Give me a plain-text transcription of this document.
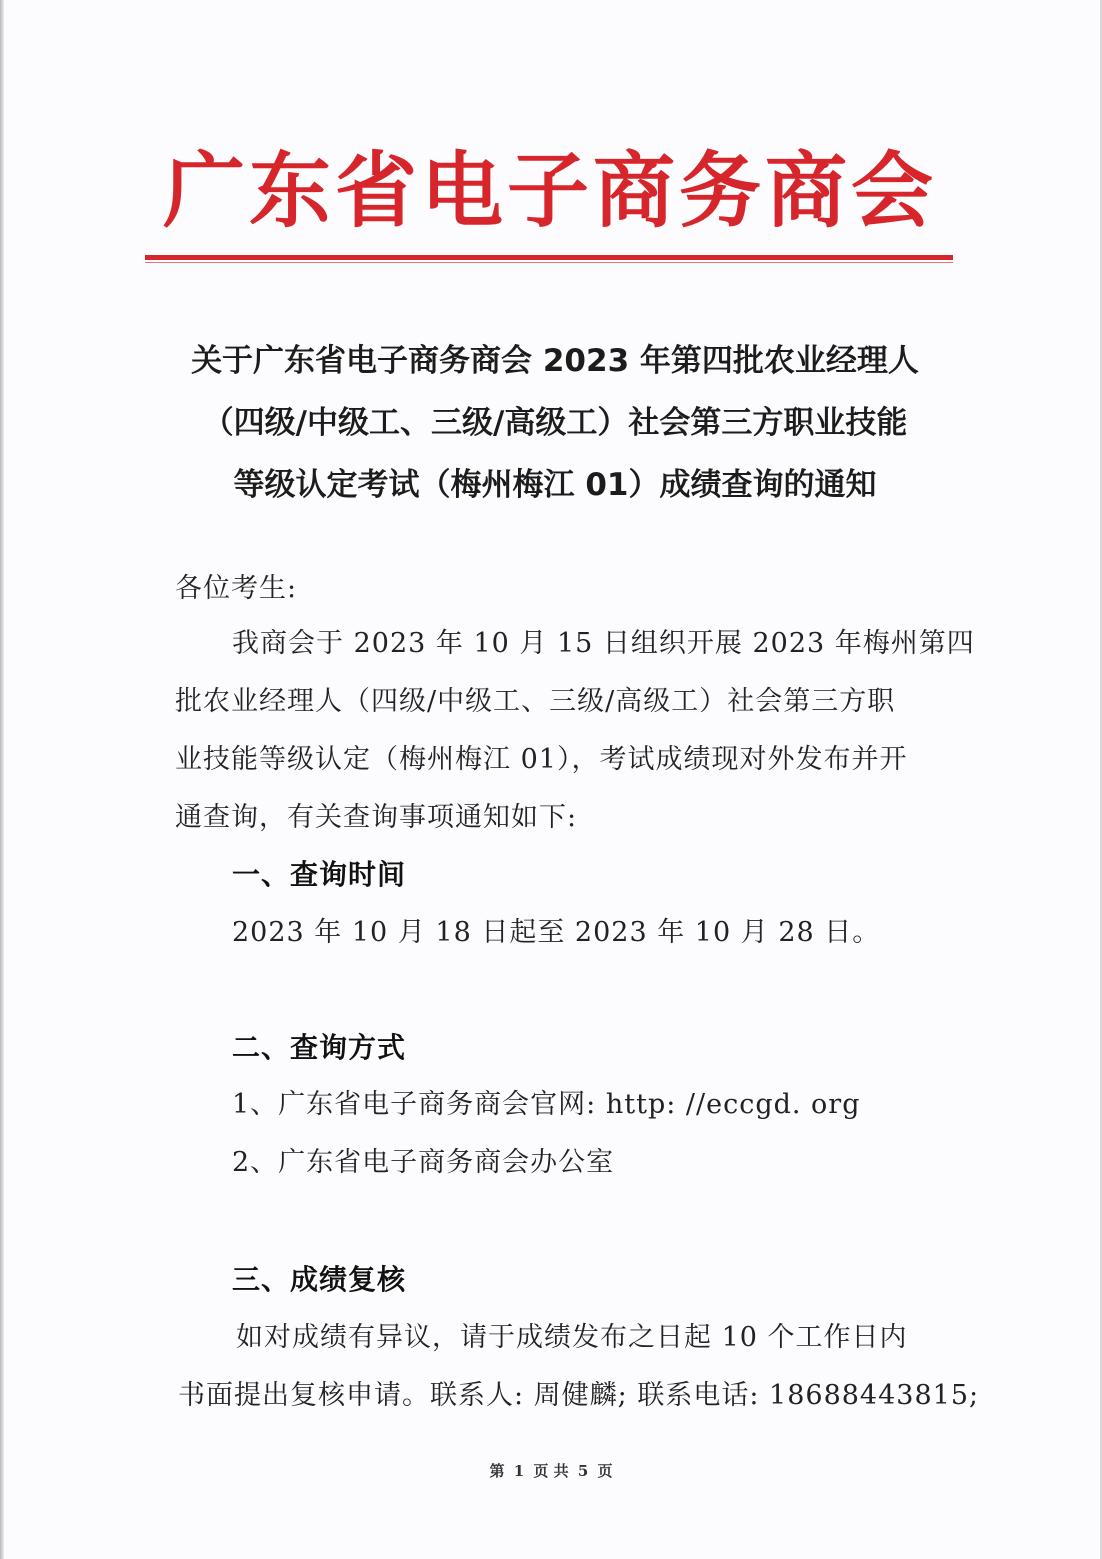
广东省电子商务商会
关于广东省电子商务商会 2023 年第四批农业经理人
（四级/中级工、三级/高级工）社会第三方职业技能
等级认定考试（梅州梅江 01）成绩查询的通知
各位考生:
我商会于 2023 年 10 月 15 日组织开展 2023 年梅州第四
批农业经理人（四级/中级工、三级/高级工）社会第三方职
业技能等级认定（梅州梅江 01），考试成绩现对外发布并开
通查询，有关查询事项通知如下:
一、查询时间
2023 年 10 月 18 日起至 2023 年 10 月 28 日。
二、查询方式
1、广东省电子商务商会官网: http: //eccgd. org
2、广东省电子商务商会办公室
三、成绩复核
如对成绩有异议，请于成绩发布之日起 10 个工作日内
书面提出复核申请。联系人: 周健麟; 联系电话: 18688443815;
第 1 页 共 5 页
